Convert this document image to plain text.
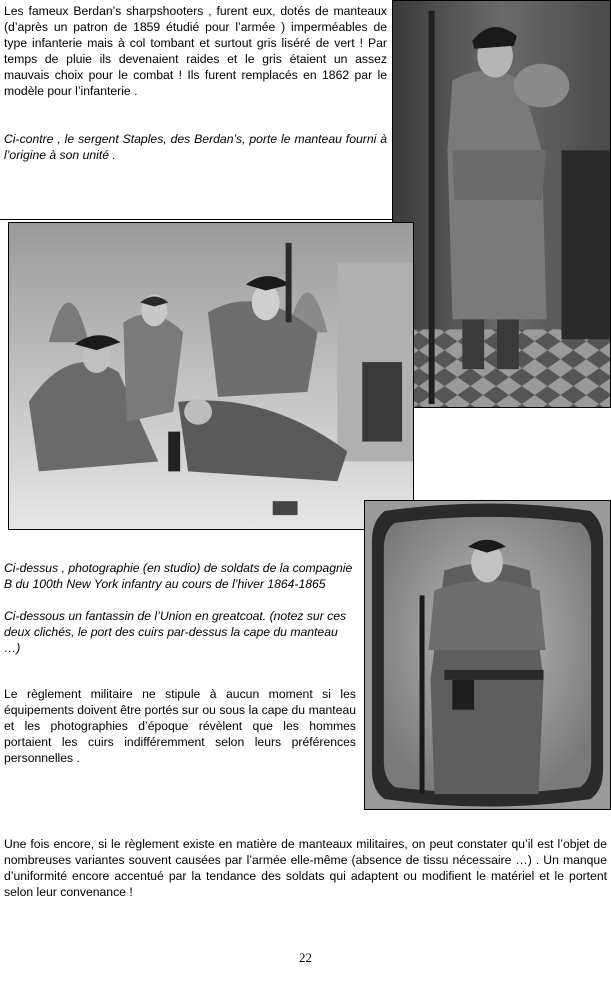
Les fameux Berdan’s sharpshooters , furent eux, dotés de manteaux (d’après un patron de 1859 étudié pour l’armée ) imperméables de type infanterie mais à col tombant et surtout gris liséré de vert ! Par temps de pluie ils devenaient raides et le gris étaient un assez mauvais choix pour le combat ! Ils furent remplacés en 1862 par le modèle pour l’infanterie .

Ci-contre , le sergent Staples, des Berdan’s, porte le manteau fourni à l’origine à son unité .

Ci-dessus , photographie (en studio) de soldats de la compagnie B du 100th New York infantry au cours de l’hiver 1864-1865

Ci-dessous un fantassin de l’Union en greatcoat. (notez sur ces deux clichés, le port des cuirs par-dessus la cape du manteau …)

Le règlement militaire ne stipule à aucun moment si les équipements doivent être portés sur ou sous la cape du manteau et les photographies d’époque révèlent que les hommes portaient les cuirs indifféremment selon leurs préférences personnelles .

Une fois encore, si le règlement existe en matière de manteaux militaires, on peut constater qu’il est l’objet de nombreuses variantes souvent causées par l’armée elle-même (absence de tissu nécessaire …) . Un manque d’uniformité encore accentué par la tendance des soldats qui adaptent ou modifient le matériel et le portent selon leur convenance !

22
